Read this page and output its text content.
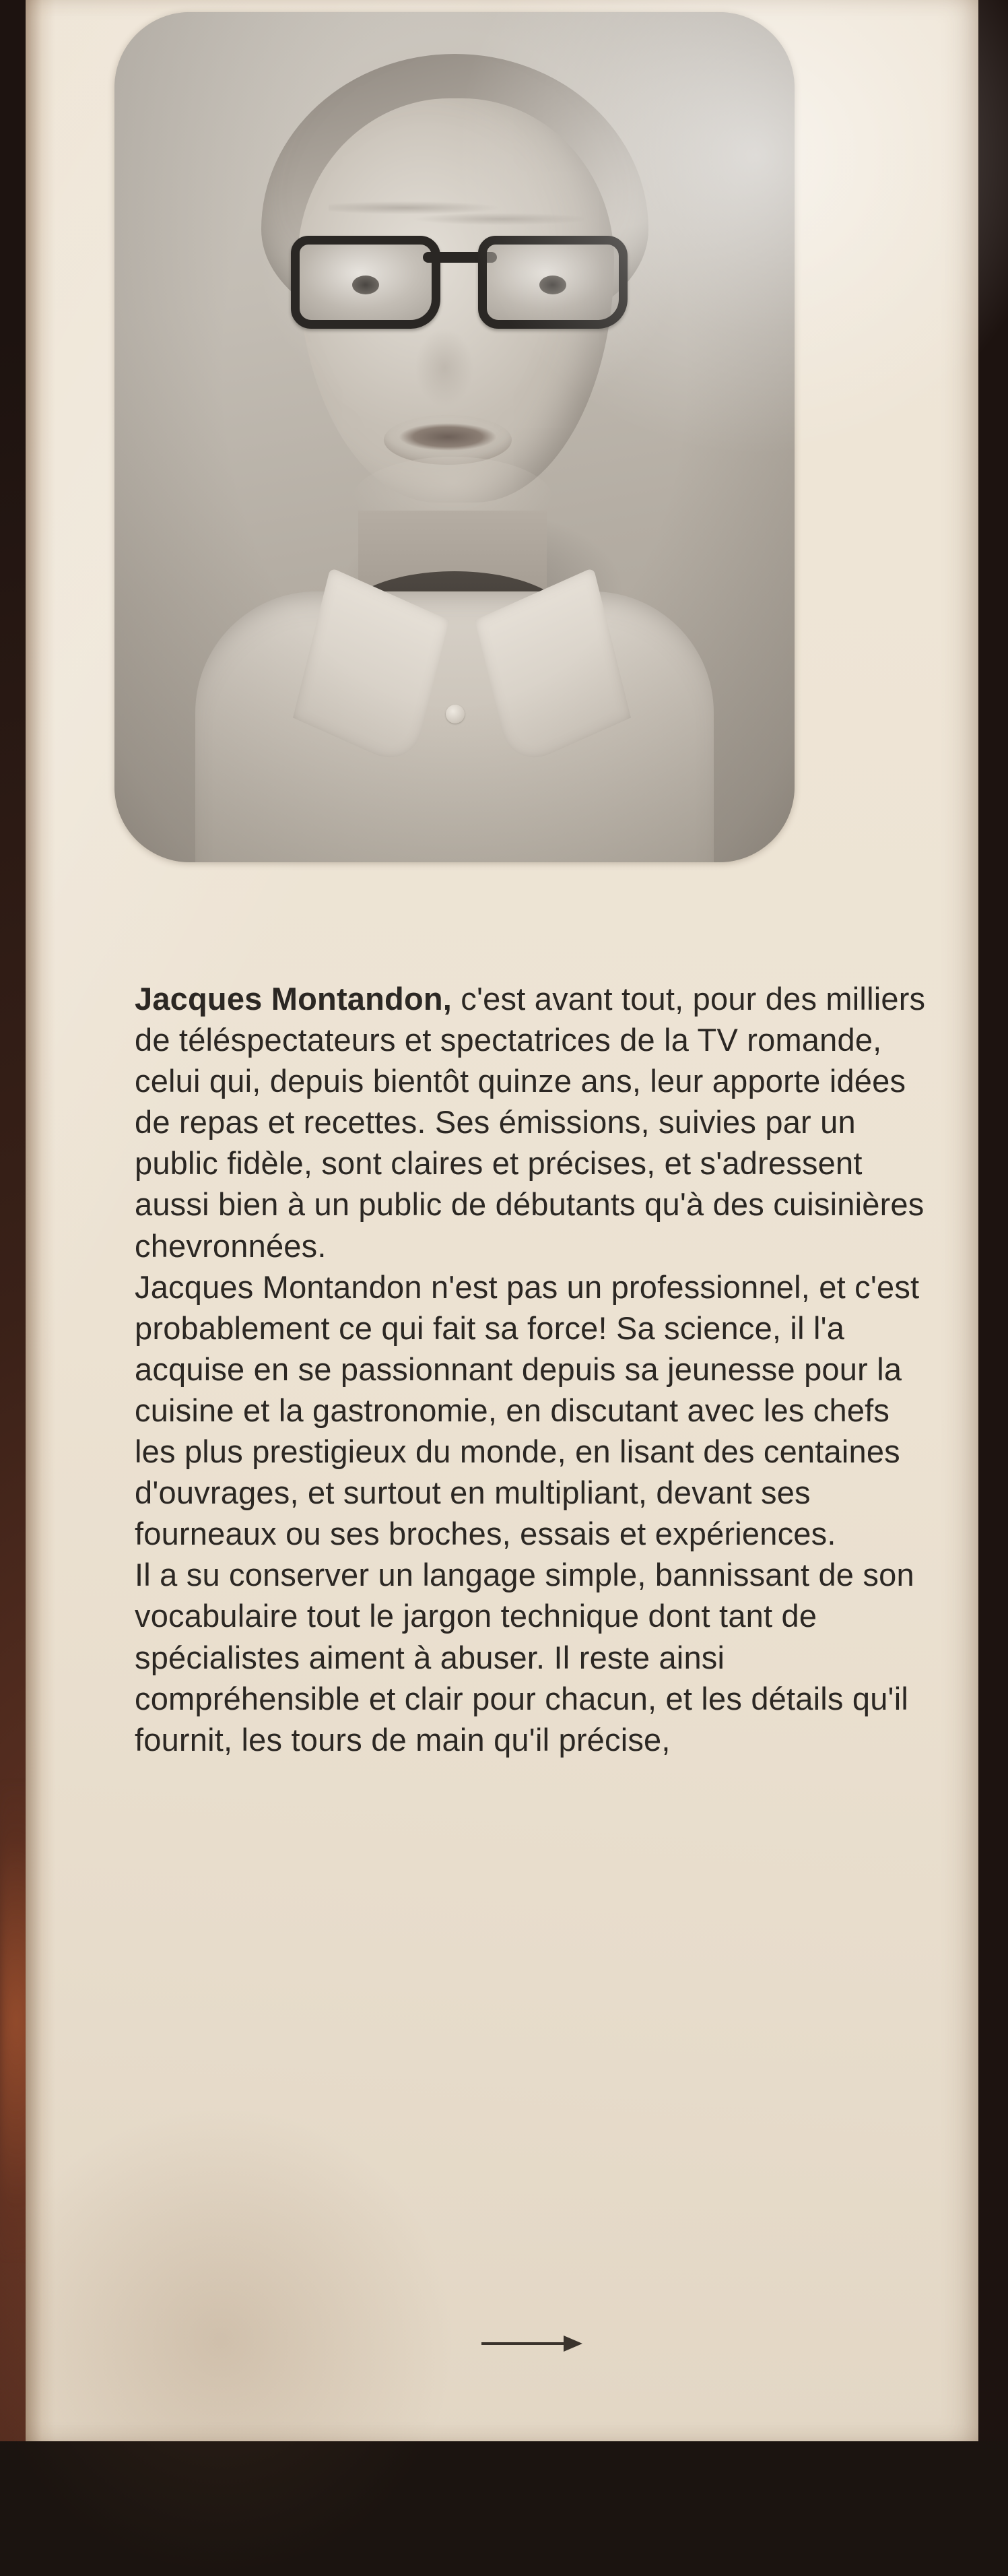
Jacques Montandon, c'est avant tout, pour des milliers de téléspectateurs et spectatrices de la TV romande, celui qui, depuis bientôt quinze ans, leur apporte idées de repas et recettes. Ses émissions, suivies par un public fidèle, sont claires et précises, et s'adressent aussi bien à un public de débutants qu'à des cuisinières chevronnées.

Jacques Montandon n'est pas un professionnel, et c'est probablement ce qui fait sa force! Sa science, il l'a acquise en se passionnant depuis sa jeunesse pour la cuisine et la gastronomie, en discutant avec les chefs les plus prestigieux du monde, en lisant des centaines d'ouvrages, et surtout en multipliant, devant ses fourneaux ou ses broches, essais et expériences.

Il a su conserver un langage simple, bannissant de son vocabulaire tout le jargon technique dont tant de spécialistes aiment à abuser. Il reste ainsi compréhensible et clair pour chacun, et les détails qu'il fournit, les tours de main qu'il précise,
